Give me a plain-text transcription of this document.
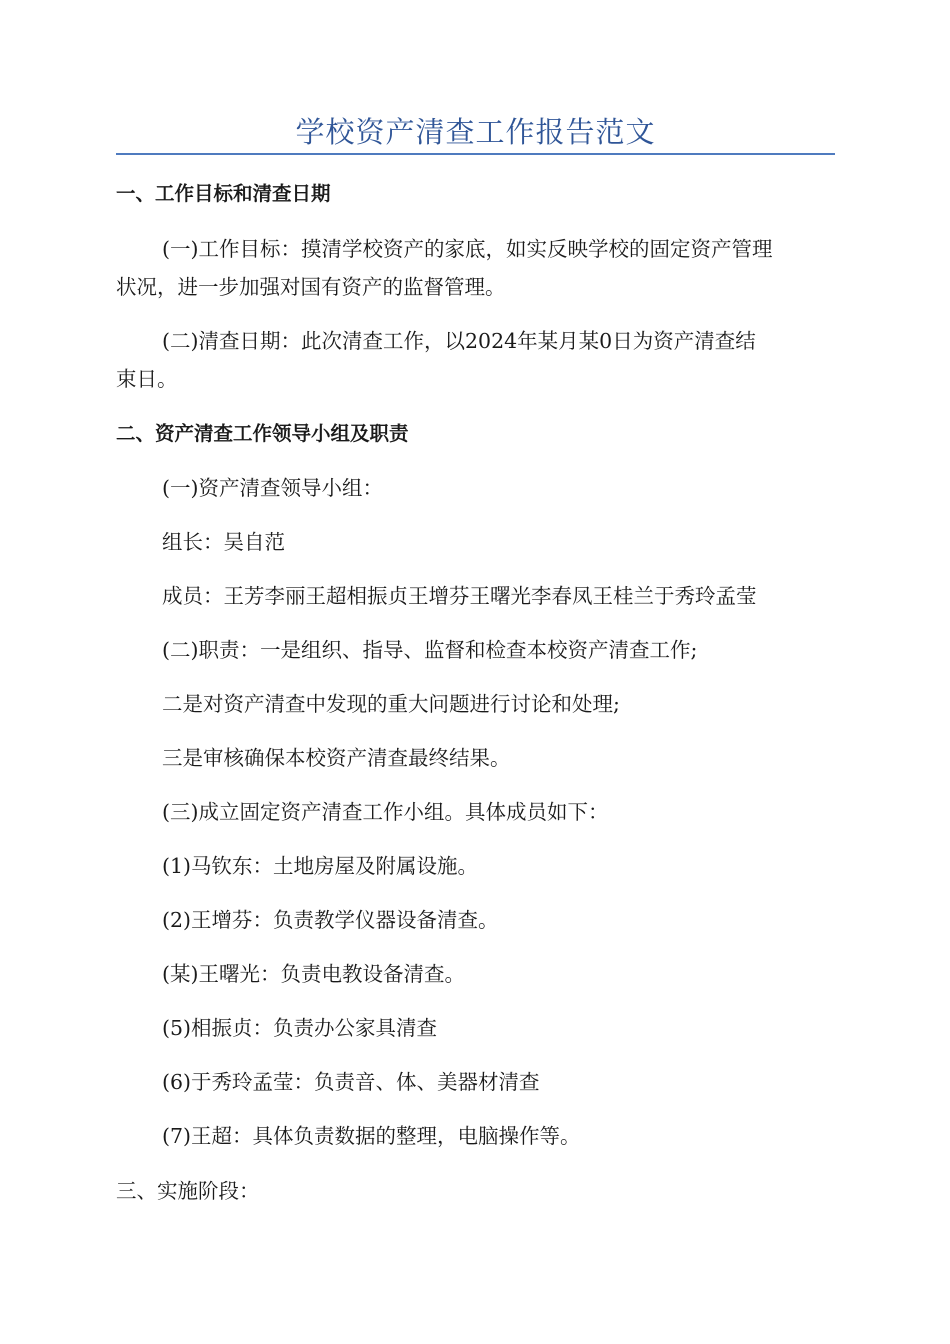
学校资产清查工作报告范文
一、工作目标和清查日期
(一)工作目标：摸清学校资产的家底，如实反映学校的固定资产管理
状况，进一步加强对国有资产的监督管理。
(二)清查日期：此次清查工作，以2024年某月某0日为资产清查结
束日。
二、资产清查工作领导小组及职责
(一)资产清查领导小组：
组长：吴自范
成员：王芳李丽王超相振贞王增芬王曙光李春凤王桂兰于秀玲孟莹
(二)职责：一是组织、指导、监督和检查本校资产清查工作;
二是对资产清查中发现的重大问题进行讨论和处理;
三是审核确保本校资产清查最终结果。
(三)成立固定资产清查工作小组。具体成员如下：
(1)马钦东：土地房屋及附属设施。
(2)王增芬：负责教学仪器设备清查。
(某)王曙光：负责电教设备清查。
(5)相振贞：负责办公家具清查
(6)于秀玲孟莹：负责音、体、美器材清查
(7)王超：具体负责数据的整理，电脑操作等。
三、实施阶段：
